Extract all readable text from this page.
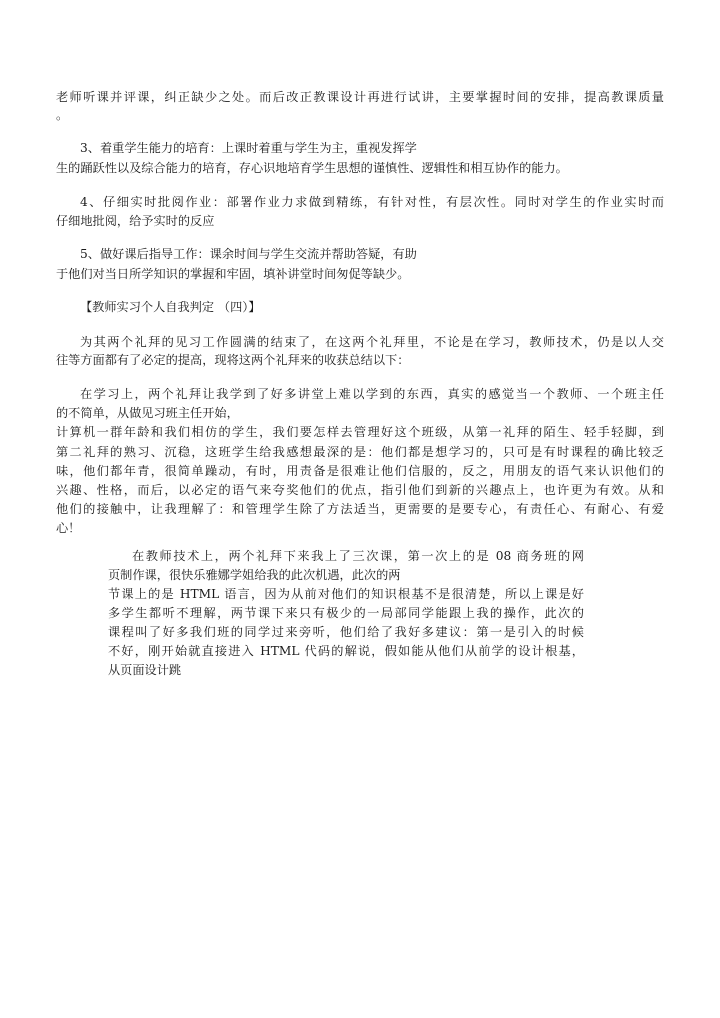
老师听课并评课，纠正缺少之处。而后改正教课设计再进行试讲，主要掌握时间的安排，提高教课质量
。
3、着重学生能力的培育：上课时着重与学生为主，重视发挥学
生的踊跃性以及综合能力的培育，存心识地培育学生思想的谨慎性、逻辑性和相互协作的能力。
4、仔细实时批阅作业：部署作业力求做到精练，有针对性，有层次性。同时对学生的作业实时而
仔细地批阅，给予实时的反应
5、做好课后指导工作：课余时间与学生交流并帮助答疑，有助
于他们对当日所学知识的掌握和牢固，填补讲堂时间匆促等缺少。
【教师实习个人自我判定 （四）】
为其两个礼拜的见习工作圆满的结束了，在这两个礼拜里，不论是在学习，教师技术，仍是以人交
往等方面都有了必定的提高，现将这两个礼拜来的收获总结以下：
在学习上，两个礼拜让我学到了好多讲堂上难以学到的东西，真实的感觉当一个教师、一个班主任
的不简单，从做见习班主任开始，
计算机一群年龄和我们相仿的学生，我们要怎样去管理好这个班级，从第一礼拜的陌生、轻手轻脚，到
第二礼拜的熟习、沉稳，这班学生给我感想最深的是：他们都是想学习的，只可是有时课程的确比较乏
味，他们都年青，很简单躁动，有时，用责备是很难让他们信服的，反之，用朋友的语气来认识他们的
兴趣、性格，而后，以必定的语气来夸奖他们的优点，指引他们到新的兴趣点上，也许更为有效。从和
他们的接触中，让我理解了：和管理学生除了方法适当，更需要的是要专心，有责任心、有耐心、有爱
心！
在教师技术上，两个礼拜下来我上了三次课，第一次上的是 08 商务班的网
页制作课，很快乐雅娜学姐给我的此次机遇，此次的两
节课上的是 HTML 语言，因为从前对他们的知识根基不是很清楚，所以上课是好
多学生都听不理解，两节课下来只有极少的一局部同学能跟上我的操作，此次的
课程叫了好多我们班的同学过来旁听，他们给了我好多建议：第一是引入的时候
不好，刚开始就直接进入 HTML 代码的解说，假如能从他们从前学的设计根基，
从页面设计跳
